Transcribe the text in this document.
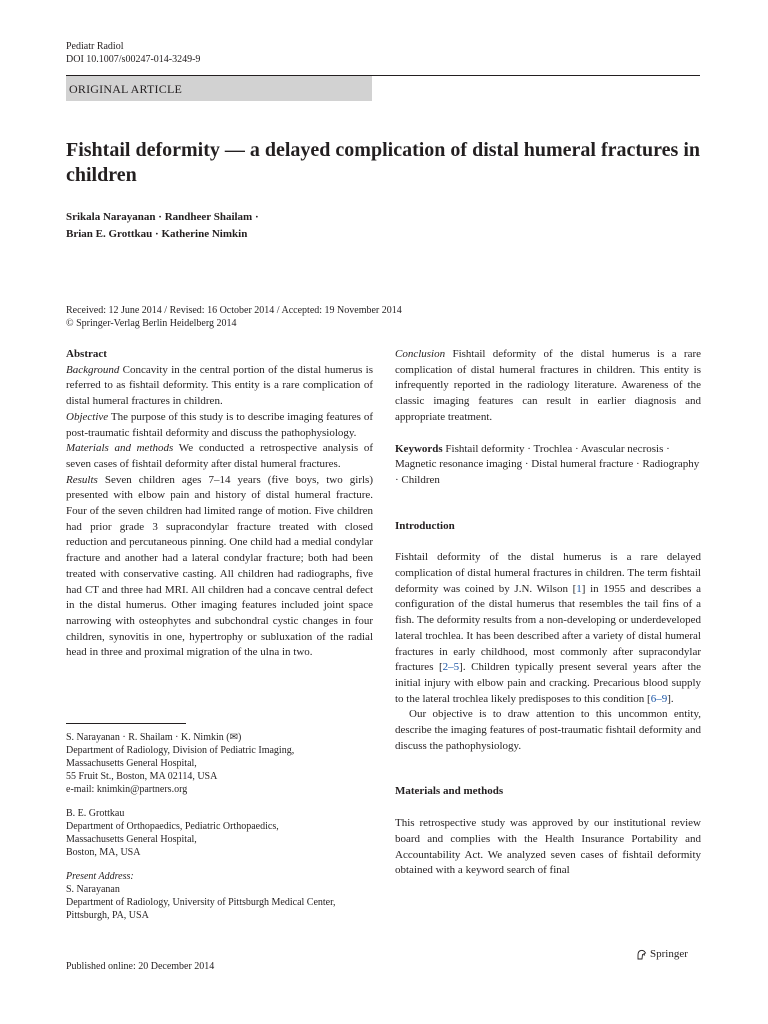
Pediatr Radiol
DOI 10.1007/s00247-014-3249-9
ORIGINAL ARTICLE
Fishtail deformity — a delayed complication of distal humeral fractures in children
Srikala Narayanan · Randheer Shailam ·
Brian E. Grottkau · Katherine Nimkin
Received: 12 June 2014 / Revised: 16 October 2014 / Accepted: 19 November 2014
© Springer-Verlag Berlin Heidelberg 2014

Abstract

Background Concavity in the central portion of the distal humerus is referred to as fishtail deformity. This entity is a rare complication of distal humeral fractures in children.

Objective The purpose of this study is to describe imaging features of post-traumatic fishtail deformity and discuss the pathophysiology.

Materials and methods We conducted a retrospective analysis of seven cases of fishtail deformity after distal humeral fractures.

Results Seven children ages 7–14 years (five boys, two girls) presented with elbow pain and history of distal humeral fracture. Four of the seven children had limited range of motion. Five children had prior grade 3 supracondylar fracture treated with closed reduction and percutaneous pinning. One child had a medial condylar fracture and another had a lateral condylar fracture; both had been treated with conservative casting. All children had radiographs, five had CT and three had MRI. All children had a concave central defect in the distal humerus. Other imaging features included joint space narrowing with osteophytes and subchondral cystic changes in four children, synovitis in one, hypertrophy or subluxation of the radial head in three and proximal migration of the ulna in two.

S. Narayanan · R. Shailam · K. Nimkin (✉)
Department of Radiology, Division of Pediatric Imaging,
Massachusetts General Hospital,
55 Fruit St., Boston, MA 02114, USA
e-mail: knimkin@partners.org

B. E. Grottkau
Department of Orthopaedics, Pediatric Orthopaedics,
Massachusetts General Hospital,
Boston, MA, USA

Present Address:
S. Narayanan
Department of Radiology, University of Pittsburgh Medical Center,
Pittsburgh, PA, USA

Published online: 20 December 2014

Conclusion Fishtail deformity of the distal humerus is a rare complication of distal humeral fractures in children. This entity is infrequently reported in the radiology literature. Awareness of the classic imaging features can result in earlier diagnosis and appropriate treatment.

Keywords Fishtail deformity · Trochlea · Avascular necrosis · Magnetic resonance imaging · Distal humeral fracture · Radiography · Children

Introduction

Fishtail deformity of the distal humerus is a rare delayed complication of distal humeral fractures in children. The term fishtail deformity was coined by J.N. Wilson [1] in 1955 and describes a configuration of the distal humerus that resembles the tail fins of a fish. The deformity results from a non-developing or underdeveloped lateral trochlea. It has been described after a variety of distal humeral fractures in early childhood, most commonly after supracondylar fractures [2–5]. Children typically present several years after the initial injury with elbow pain and cracking. Precarious blood supply to the lateral trochlea likely predisposes to this condition [6–9].

Our objective is to draw attention to this uncommon entity, describe the imaging features of post-traumatic fishtail deformity and discuss the pathophysiology.

Materials and methods

This retrospective study was approved by our institutional review board and complies with the Health Insurance Portability and Accountability Act. We analyzed seven cases of fishtail deformity obtained with a keyword search of final

Springer
